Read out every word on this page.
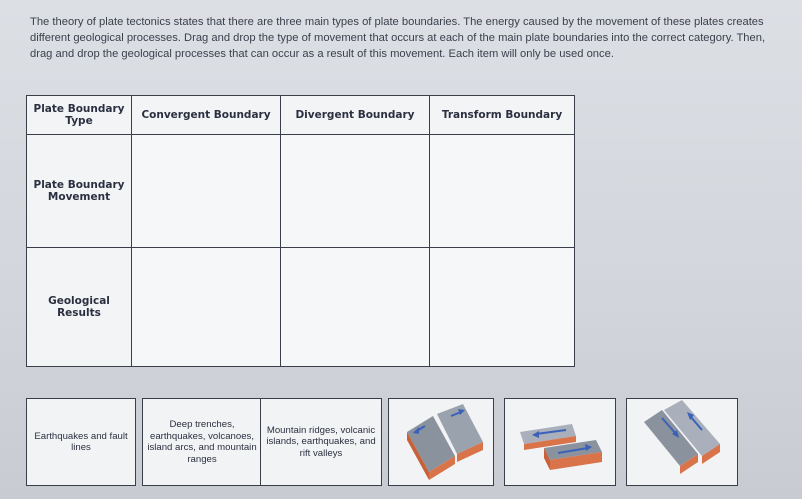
The theory of plate tectonics states that there are three main types of plate boundaries. The energy caused by the movement of these plates creates different geological processes. Drag and drop the type of movement that occurs at each of the main plate boundaries into the correct category. Then, drag and drop the geological processes that can occur as a result of this movement. Each item will only be used once.
Plate Boundary Type	Convergent Boundary	Divergent Boundary	Transform Boundary
Plate Boundary Movement			
Geological Results			
Earthquakes and fault lines
Deep trenches, earthquakes, volcanoes, island arcs, and mountain ranges
Mountain ridges, volcanic islands, earthquakes, and rift valleys
